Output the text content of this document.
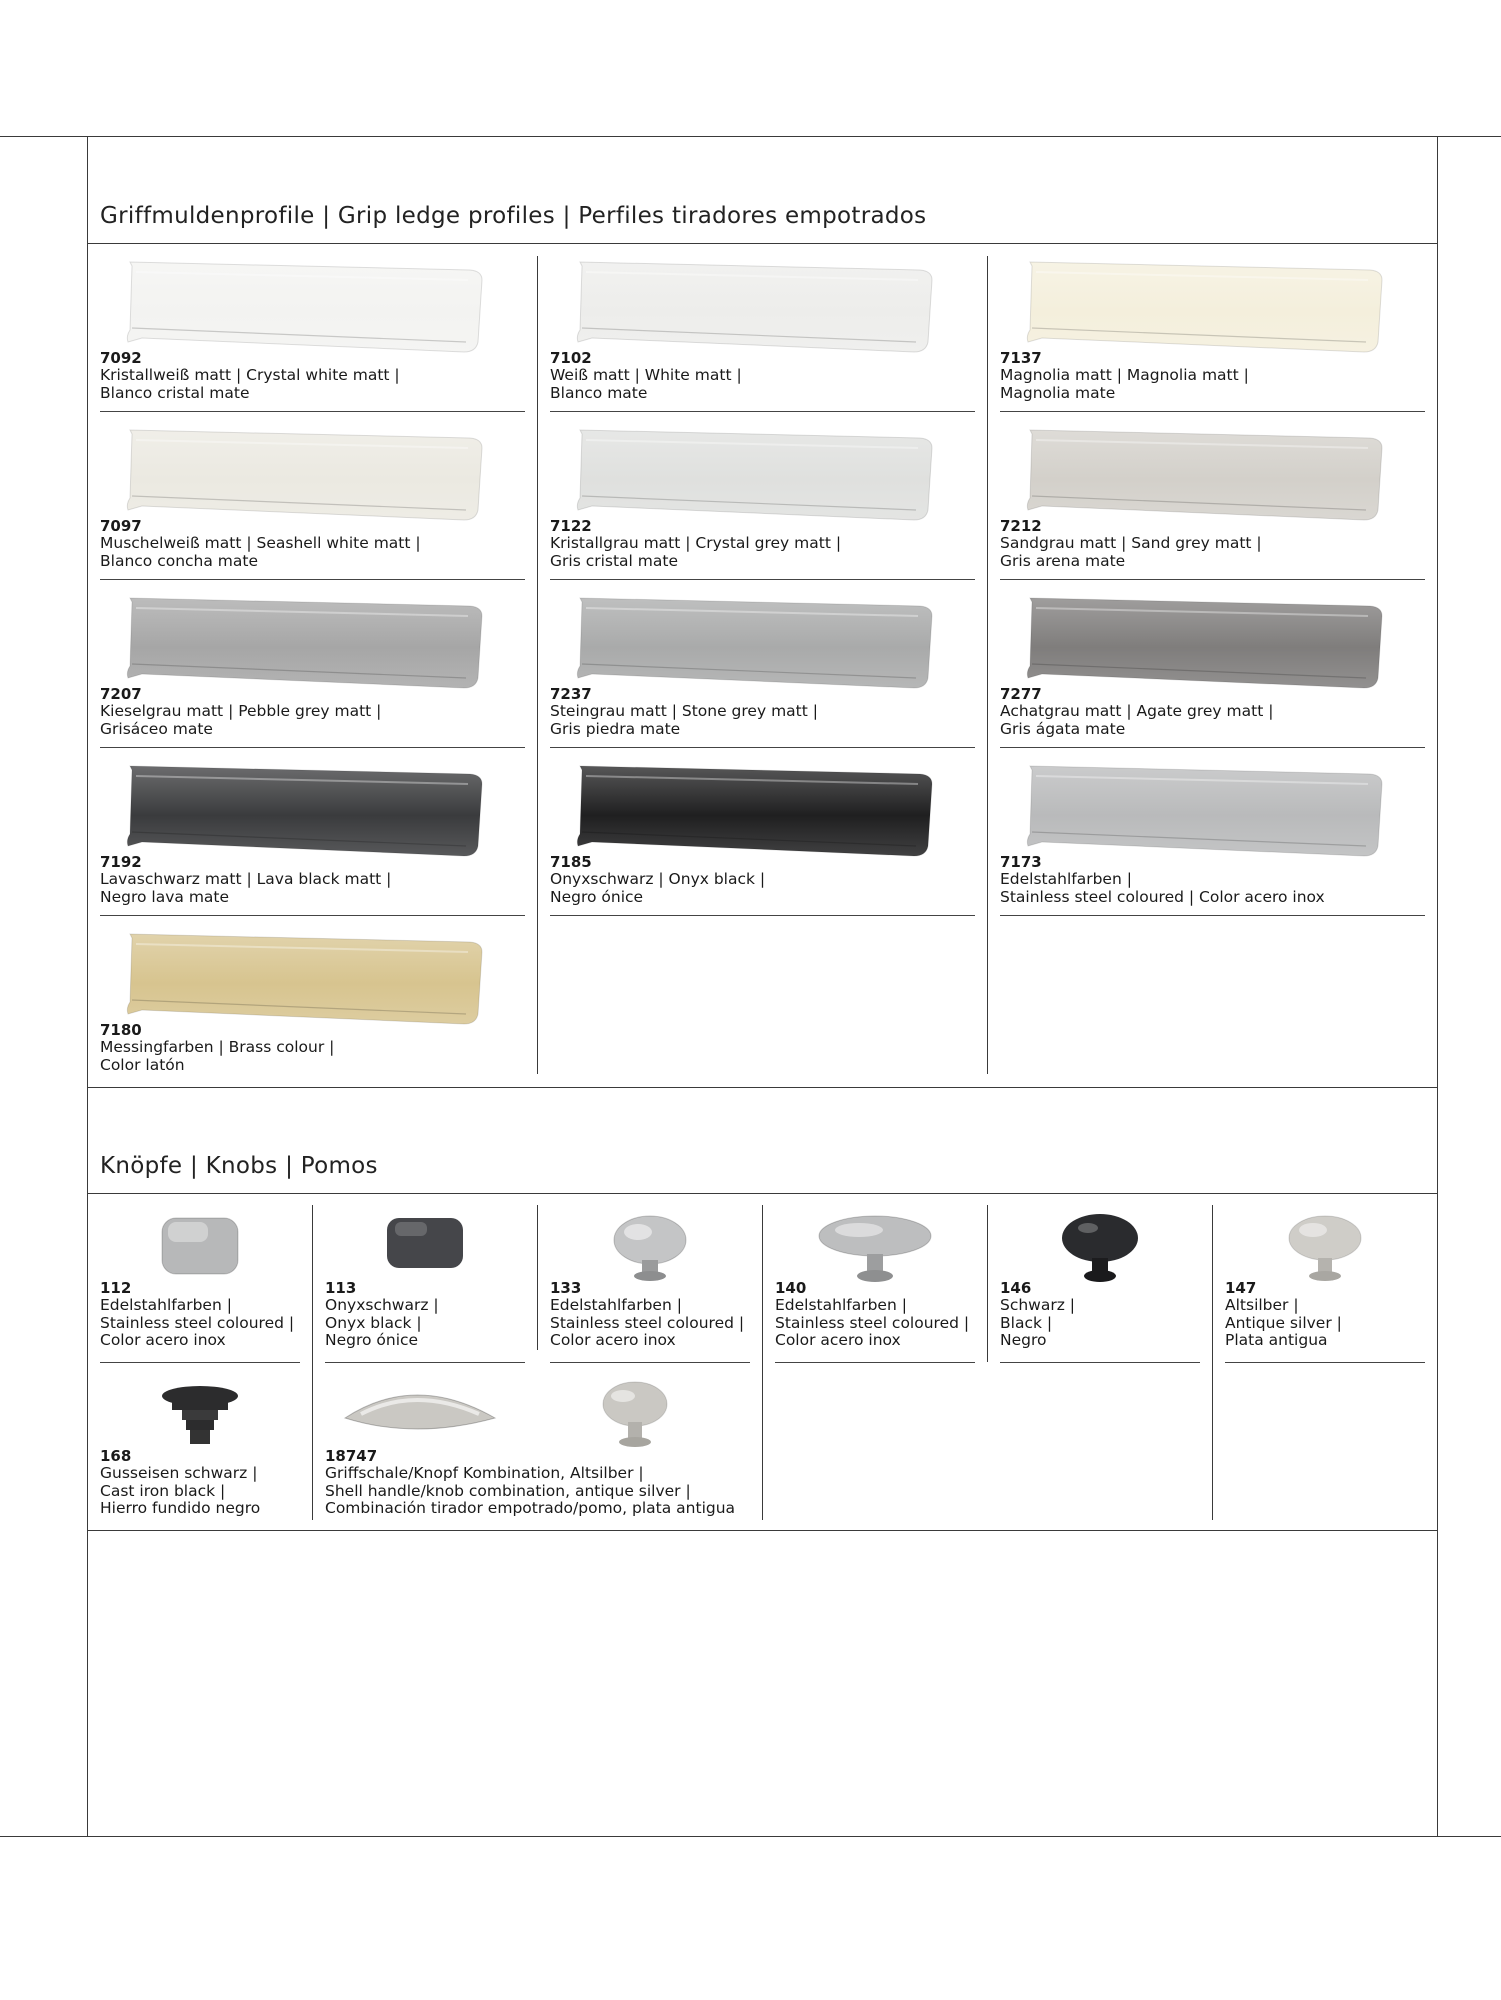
Griffmuldenprofile | Grip ledge profiles | Perfiles tiradores empotrados
7092
Kristallweiß matt | Crystal white matt |
Blanco cristal mate
7102
Weiß matt | White matt |
Blanco mate
7137
Magnolia matt | Magnolia matt |
Magnolia mate
7097
Muschelweiß matt | Seashell white matt |
Blanco concha mate
7122
Kristallgrau matt | Crystal grey matt |
Gris cristal mate
7212
Sandgrau matt | Sand grey matt |
Gris arena mate
7207
Kieselgrau matt | Pebble grey matt |
Grisáceo mate
7237
Steingrau matt | Stone grey matt |
Gris piedra mate
7277
Achatgrau matt | Agate grey matt |
Gris ágata mate
7192
Lavaschwarz matt | Lava black matt |
Negro lava mate
7185
Onyxschwarz | Onyx black |
Negro ónice
7173
Edelstahlfarben |
Stainless steel coloured | Color acero inox
7180
Messingfarben | Brass colour |
Color latón
Knöpfe | Knobs | Pomos
112
Edelstahlfarben |
Stainless steel coloured |
Color acero inox
113
Onyxschwarz |
Onyx black |
Negro ónice
133
Edelstahlfarben |
Stainless steel coloured |
Color acero inox
140
Edelstahlfarben |
Stainless steel coloured |
Color acero inox
146
Schwarz |
Black |
Negro
147
Altsilber |
Antique silver |
Plata antigua
168
Gusseisen schwarz |
Cast iron black |
Hierro fundido negro
18747
Griffschale/Knopf Kombination, Altsilber |
Shell handle/knob combination, antique silver |
Combinación tirador empotrado/pomo, plata antigua
